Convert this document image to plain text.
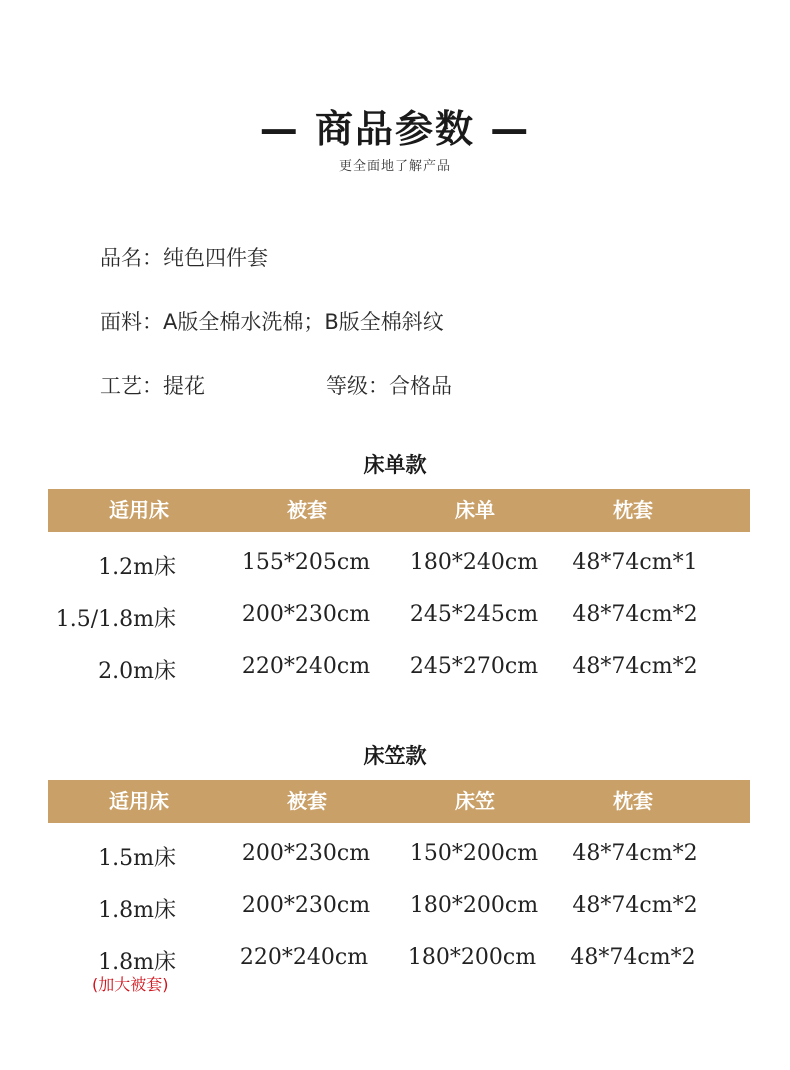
— 商品参数 —
更全面地了解产品
品名：纯色四件套
面料：A版全棉水洗棉；B版全棉斜纹
工艺：提花	等级：合格品
床单款
适用床	被套	床单	枕套
1.2m床	155*205cm 180*240cm 48*74cm*1
1.5/1.8m床	200*230cm 245*245cm 48*74cm*2
2.0m床	220*240cm 245*270cm 48*74cm*2
床笠款
适用床	被套	床笠	枕套
1.5m床	200*230cm 150*200cm 48*74cm*2
1.8m床	200*230cm 180*200cm 48*74cm*2
1.8m床	220*240cm 180*200cm 48*74cm*2
(加大被套)
